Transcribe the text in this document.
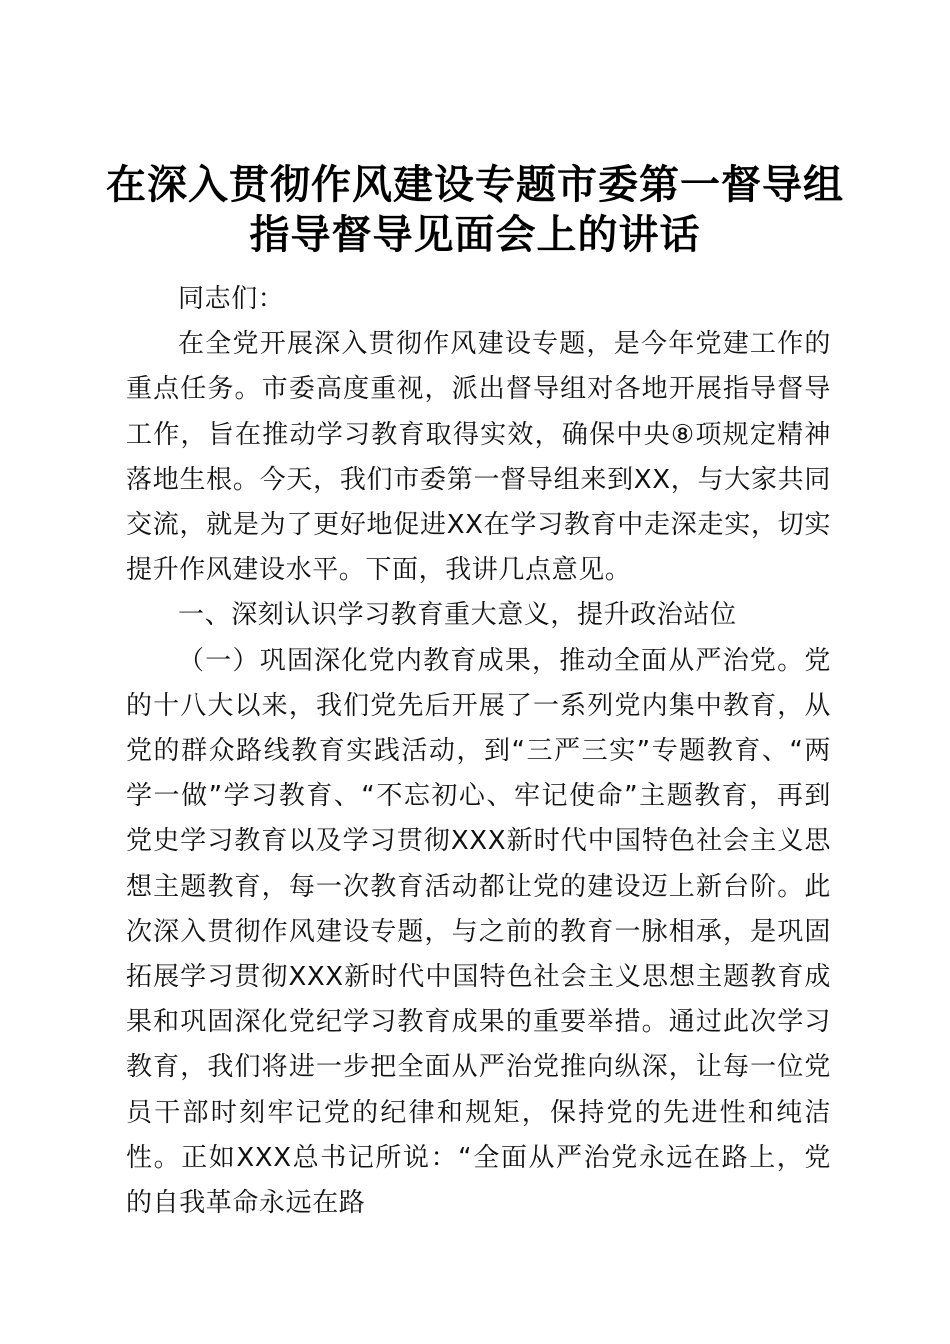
在深入贯彻作风建设专题市委第一督导组指导督导见面会上的讲话

同志们：

在全党开展深入贯彻作风建设专题，是今年党建工作的重点任务。市委高度重视，派出督导组对各地开展指导督导工作，旨在推动学习教育取得实效，确保中央⑧项规定精神落地生根。今天，我们市委第一督导组来到XX，与大家共同交流，就是为了更好地促进XX在学习教育中走深走实，切实提升作风建设水平。下面，我讲几点意见。

一、深刻认识学习教育重大意义，提升政治站位

（一）巩固深化党内教育成果，推动全面从严治党。党的十八大以来，我们党先后开展了一系列党内集中教育，从党的群众路线教育实践活动，到“三严三实”专题教育、“两学一做”学习教育、“不忘初心、牢记使命”主题教育，再到党史学习教育以及学习贯彻XXX新时代中国特色社会主义思想主题教育，每一次教育活动都让党的建设迈上新台阶。此次深入贯彻作风建设专题，与之前的教育一脉相承，是巩固拓展学习贯彻XXX新时代中国特色社会主义思想主题教育成果和巩固深化党纪学习教育成果的重要举措。通过此次学习教育，我们将进一步把全面从严治党推向纵深，让每一位党员干部时刻牢记党的纪律和规矩，保持党的先进性和纯洁性。正如XXX总书记所说：“全面从严治党永远在路上，党的自我革命永远在路
